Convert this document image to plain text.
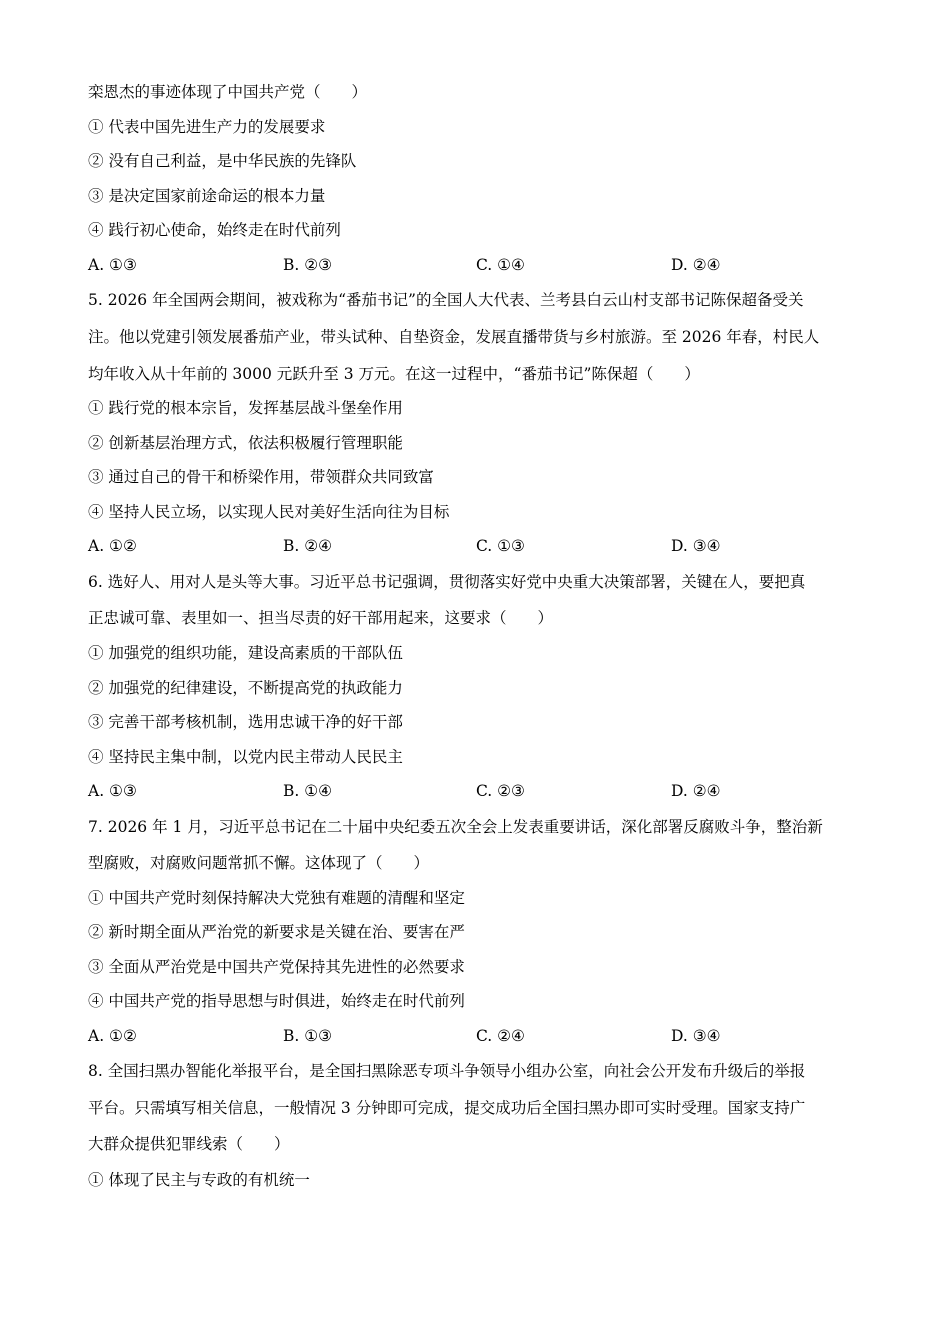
栾恩杰的事迹体现了中国共产党（　　）
① 代表中国先进生产力的发展要求
② 没有自己利益，是中华民族的先锋队
③ 是决定国家前途命运的根本力量
④ 践行初心使命，始终走在时代前列
A. ①③	B. ②③	C. ①④	D. ②④
5. 2026 年全国两会期间，被戏称为“番茄书记”的全国人大代表、兰考县白云山村支部书记陈保超备受关
注。他以党建引领发展番茄产业，带头试种、自垫资金，发展直播带货与乡村旅游。至 2026 年春，村民人
均年收入从十年前的 3000 元跃升至 3 万元。在这一过程中，“番茄书记”陈保超（　　）
① 践行党的根本宗旨，发挥基层战斗堡垒作用
② 创新基层治理方式，依法积极履行管理职能
③ 通过自己的骨干和桥梁作用，带领群众共同致富
④ 坚持人民立场，以实现人民对美好生活向往为目标
A. ①②	B. ②④	C. ①③	D. ③④
6. 选好人、用对人是头等大事。习近平总书记强调，贯彻落实好党中央重大决策部署，关键在人，要把真
正忠诚可靠、表里如一、担当尽责的好干部用起来，这要求（　　）
① 加强党的组织功能，建设高素质的干部队伍
② 加强党的纪律建设，不断提高党的执政能力
③ 完善干部考核机制，选用忠诚干净的好干部
④ 坚持民主集中制，以党内民主带动人民民主
A. ①③	B. ①④	C. ②③	D. ②④
7. 2026 年 1 月，习近平总书记在二十届中央纪委五次全会上发表重要讲话，深化部署反腐败斗争，整治新
型腐败，对腐败问题常抓不懈。这体现了（　　）
① 中国共产党时刻保持解决大党独有难题的清醒和坚定
② 新时期全面从严治党的新要求是关键在治、要害在严
③ 全面从严治党是中国共产党保持其先进性的必然要求
④ 中国共产党的指导思想与时俱进，始终走在时代前列
A. ①②	B. ①③	C. ②④	D. ③④
8. 全国扫黑办智能化举报平台，是全国扫黑除恶专项斗争领导小组办公室，向社会公开发布升级后的举报
平台。只需填写相关信息，一般情况 3 分钟即可完成，提交成功后全国扫黑办即可实时受理。国家支持广
大群众提供犯罪线索（　　）
① 体现了民主与专政的有机统一
